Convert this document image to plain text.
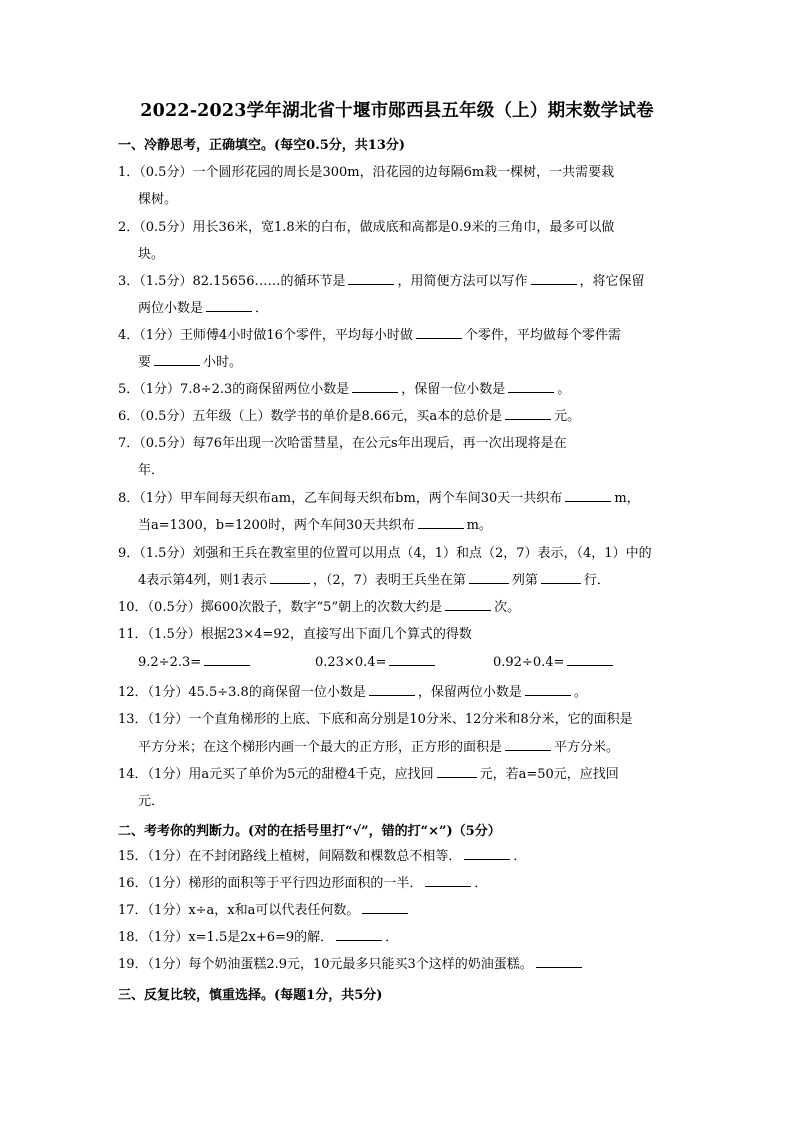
2022-2023学年湖北省十堰市郧西县五年级（上）期末数学试卷
一、冷静思考，正确填空。(每空0.5分，共13分)
1．（0.5分）一个圆形花园的周长是300m，沿花园的边每隔6m栽一棵树，一共需要栽
棵树。
2．（0.5分）用长36米，宽1.8米的白布，做成底和高都是0.9米的三角巾，最多可以做
块。
3．（1.5分）82.15656……的循环节是	，用简便方法可以写作	，将它保留
两位小数是	．
4．（1分）王师傅4小时做16个零件，平均每小时做	个零件，平均做每个零件需
要	小时。
5．（1分）7.8÷2.3的商保留两位小数是	，保留一位小数是	。
6．（0.5分）五年级（上）数学书的单价是8.66元，买a本的总价是	元。
7．（0.5分）每76年出现一次哈雷彗星，在公元s年出现后，再一次出现将是在
年．
8．（1分）甲车间每天织布am，乙车间每天织布bm，两个车间30天一共织布	m，
当a=1300，b=1200时，两个车间30天共织布	m。
9．（1.5分）刘强和王兵在教室里的位置可以用点（4，1）和点（2，7）表示，（4，1）中的
4表示第4列，则1表示	，（2，7）表明王兵坐在第	列第	行．
10．（0.5分）掷600次骰子，数字“5”朝上的次数大约是	次。
11．（1.5分）根据23×4=92，直接写出下面几个算式的得数
9.2÷2.3=	0.23×0.4=	0.92÷0.4=
12．（1分）45.5÷3.8的商保留一位小数是	，保留两位小数是	。
13．（1分）一个直角梯形的上底、下底和高分别是10分米、12分米和8分米，它的面积是
平方分米；在这个梯形内画一个最大的正方形，正方形的面积是	平方分米。
14．（1分）用a元买了单价为5元的甜橙4千克，应找回	元，若a=50元，应找回
元．
二、考考你的判断力。(对的在括号里打“√”，错的打“×”)（5分）
15．（1分）在不封闭路线上植树，间隔数和棵数总不相等．	．
16．（1分）梯形的面积等于平行四边形面积的一半．	．
17．（1分）x÷a，x和a可以代表任何数。
18．（1分）x=1.5是2x+6=9的解．	．
19．（1分）每个奶油蛋糕2.9元，10元最多只能买3个这样的奶油蛋糕。
三、反复比较，慎重选择。(每题1分，共5分)
